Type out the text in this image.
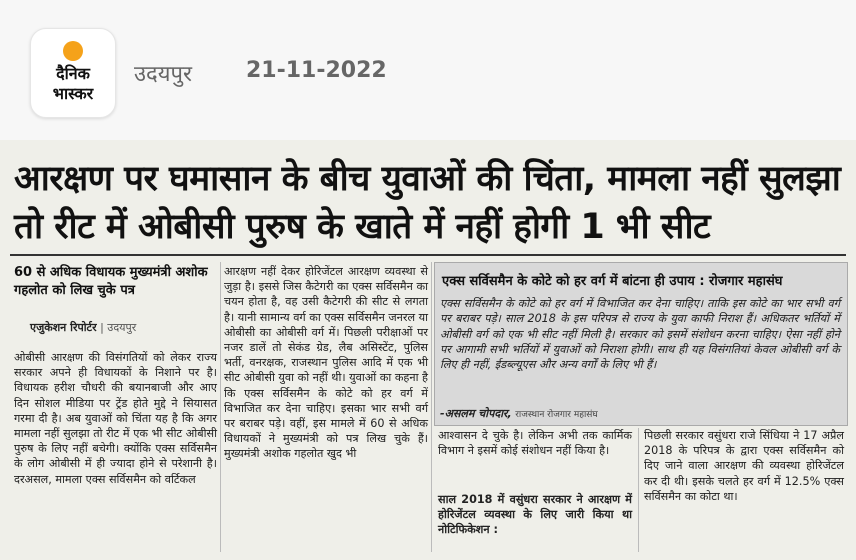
दैनिक
भास्कर
उदयपुर 21-11-2022
आरक्षण पर घमासान के बीच युवाओं की चिंता, मामला नहीं सुलझा तो रीट में ओबीसी पुरुष के खाते में नहीं होगी 1 भी सीट
60 से अधिक विधायक मुख्यमंत्री अशोक गहलोत को लिख चुके पत्र
एजुकेशन रिपोर्टर | उदयपुर
ओबीसी आरक्षण की विसंगतियों को लेकर राज्य सरकार अपने ही विधायकों के निशाने पर है। विधायक हरीश चौधरी की बयानबाजी और आए दिन सोशल मीडिया पर ट्रेंड होते मुद्दे ने सियासत गरमा दी है। अब युवाओं को चिंता यह है कि अगर मामला नहीं सुलझा तो रीट में एक भी सीट ओबीसी पुरुष के लिए नहीं बचेगी। क्योंकि एक्स सर्विसमैन के लोग ओबीसी में ही ज्यादा होने से परेशानी है। दरअसल, मामला एक्स सर्विसमैन को वर्टिकल
आरक्षण नहीं देकर होरिजेंटल आरक्षण व्यवस्था से जुड़ा है। इससे जिस कैटेगरी का एक्स सर्विसमैन का चयन होता है, वह उसी कैटेगरी की सीट से लगता है। यानी सामान्य वर्ग का एक्स सर्विसमैन जनरल या ओबीसी का ओबीसी वर्ग में। पिछली परीक्षाओं पर नजर डालें तो सेकंड ग्रेड, लैब असिस्टेंट, पुलिस भर्ती, वनरक्षक, राजस्थान पुलिस आदि में एक भी सीट ओबीसी युवा को नहीं थी। युवाओं का कहना है कि एक्स सर्विसमैन के कोटे को हर वर्ग में विभाजित कर देना चाहिए। इसका भार सभी वर्ग पर बराबर पड़े। वहीं, इस मामले में 60 से अधिक विधायकों ने मुख्यमंत्री को पत्र लिख चुके हैं। मुख्यमंत्री अशोक गहलोत खुद भी
एक्स सर्विसमैन के कोटे को हर वर्ग में बांटना ही उपाय : रोजगार महासंघ
एक्स सर्विसमैन के कोटे को हर वर्ग में विभाजित कर देना चाहिए। ताकि इस कोटे का भार सभी वर्ग पर बराबर पड़े। साल 2018 के इस परिपत्र से राज्य के युवा काफी निराश हैं। अधिकतर भर्तियों में ओबीसी वर्ग को एक भी सीट नहीं मिली है। सरकार को इसमें संशोधन करना चाहिए। ऐसा नहीं होने पर आगामी सभी भर्तियों में युवाओं को निराशा होगी। साथ ही यह विसंगतियां केवल ओबीसी वर्ग के लिए ही नहीं, ईडब्ल्यूएस और अन्य वर्गों के लिए भी हैं।
-असलम चोपदार, राजस्थान रोजगार महासंघ
आश्वासन दे चुके है। लेकिन अभी तक कार्मिक विभाग ने इसमें कोई संशोधन नहीं किया है।
साल 2018 में वसुंधरा सरकार ने आरक्षण में होरिजेंटल व्यवस्था के लिए जारी किया था नोटिफिकेशन :
पिछली सरकार वसुंधरा राजे सिंधिया ने 17 अप्रैल 2018 के परिपत्र के द्वारा एक्स सर्विसमैन को दिए जाने वाला आरक्षण की व्यवस्था होरिजेंटल कर दी थी। इसके चलते हर वर्ग में 12.5% एक्स सर्विसमैन का कोटा था।
